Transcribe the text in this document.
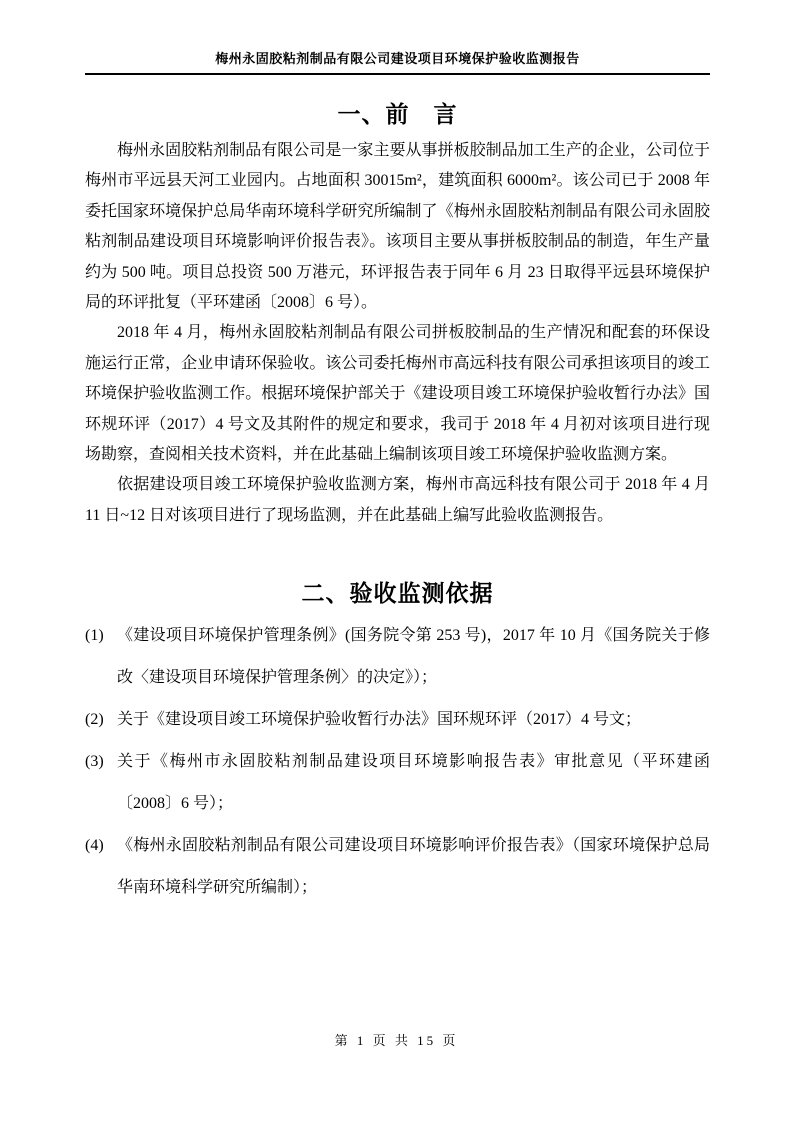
梅州永固胶粘剂制品有限公司建设项目环境保护验收监测报告
一、前　言

梅州永固胶粘剂制品有限公司是一家主要从事拼板胶制品加工生产的企业，公司位于梅州市平远县天河工业园内。占地面积 30015m²，建筑面积 6000m²。该公司已于 2008 年委托国家环境保护总局华南环境科学研究所编制了《梅州永固胶粘剂制品有限公司永固胶粘剂制品建设项目环境影响评价报告表》。该项目主要从事拼板胶制品的制造，年生产量约为 500 吨。项目总投资 500 万港元，环评报告表于同年 6 月 23 日取得平远县环境保护局的环评批复（平环建函〔2008〕6 号）。

2018 年 4 月，梅州永固胶粘剂制品有限公司拼板胶制品的生产情况和配套的环保设施运行正常，企业申请环保验收。该公司委托梅州市高远科技有限公司承担该项目的竣工环境保护验收监测工作。根据环境保护部关于《建设项目竣工环境保护验收暂行办法》国环规环评（2017）4 号文及其附件的规定和要求，我司于 2018 年 4 月初对该项目进行现场勘察，查阅相关技术资料，并在此基础上编制该项目竣工环境保护验收监测方案。

依据建设项目竣工环境保护验收监测方案，梅州市高远科技有限公司于 2018 年 4 月 11 日~12 日对该项目进行了现场监测，并在此基础上编写此验收监测报告。

二、验收监测依据
(1) 《建设项目环境保护管理条例》(国务院令第 253 号)，2017 年 10 月《国务院关于修改〈建设项目环境保护管理条例〉的决定》）；
(2) 关于《建设项目竣工环境保护验收暂行办法》国环规环评（2017）4 号文；
(3) 关于《梅州市永固胶粘剂制品建设项目环境影响报告表》审批意见（平环建函〔2008〕6 号）；
(4) 《梅州永固胶粘剂制品有限公司建设项目环境影响评价报告表》（国家环境保护总局华南环境科学研究所编制）；
第 1 页 共 15 页
